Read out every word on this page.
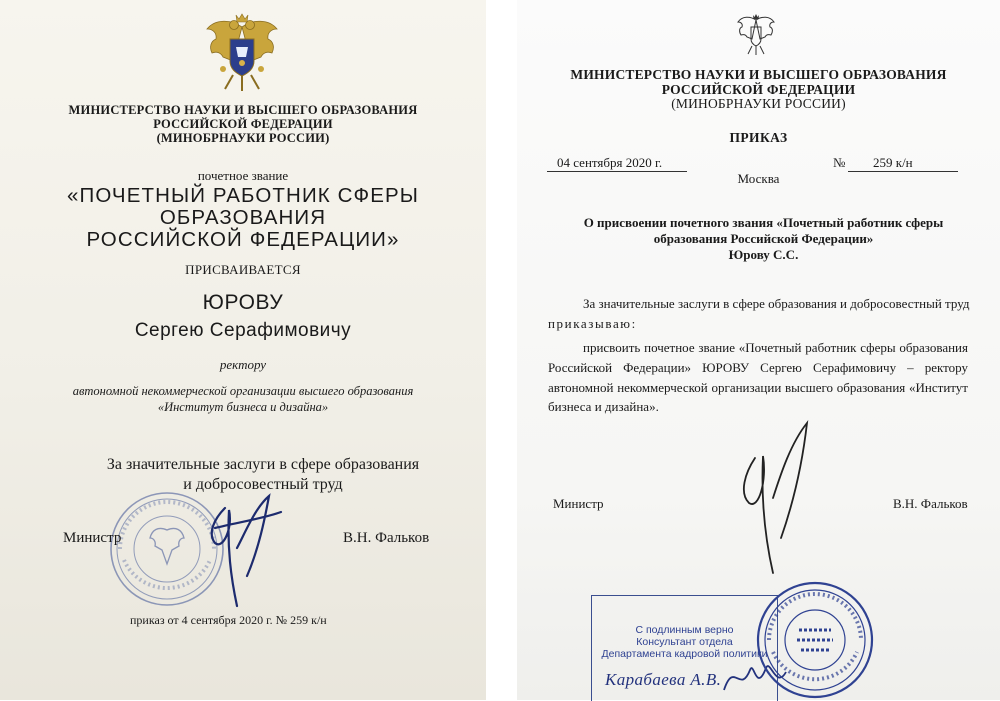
МИНИСТЕРСТВО НАУКИ И ВЫСШЕГО ОБРАЗОВАНИЯ
РОССИЙСКОЙ ФЕДЕРАЦИИ
(МИНОБРНАУКИ РОССИИ)
почетное звание
«ПОЧЕТНЫЙ РАБОТНИК СФЕРЫ ОБРАЗОВАНИЯ
РОССИЙСКОЙ ФЕДЕРАЦИИ»
ПРИСВАИВАЕТСЯ
ЮРОВУ
Сергею Серафимовичу
ректору
автономной некоммерческой организации высшего образования
«Институт бизнеса и дизайна»
За значительные заслуги в сфере образования
и добросовестный труд
Министр	В.Н. Фальков
приказ от 4 сентября 2020 г. № 259 к/н
МИНИСТЕРСТВО НАУКИ И ВЫСШЕГО ОБРАЗОВАНИЯ
РОССИЙСКОЙ ФЕДЕРАЦИИ
(МИНОБРНАУКИ РОССИИ)
ПРИКАЗ
04 сентября 2020 г.	№ 259 к/н
Москва
О присвоении почетного звания «Почетный работник сферы
образования Российской Федерации»
Юрову С.С.
За значительные заслуги в сфере образования и добросовестный труд
приказываю:
присвоить почетное звание «Почетный работник сферы образования Российской Федерации» ЮРОВУ Сергею Серафимовичу – ректору автономной некоммерческой организации высшего образования «Институт бизнеса и дизайна».
Министр	В.Н. Фальков
С подлинным верно
Консультант отдела
Департамента кадровой политики
Карабаева А.В.
